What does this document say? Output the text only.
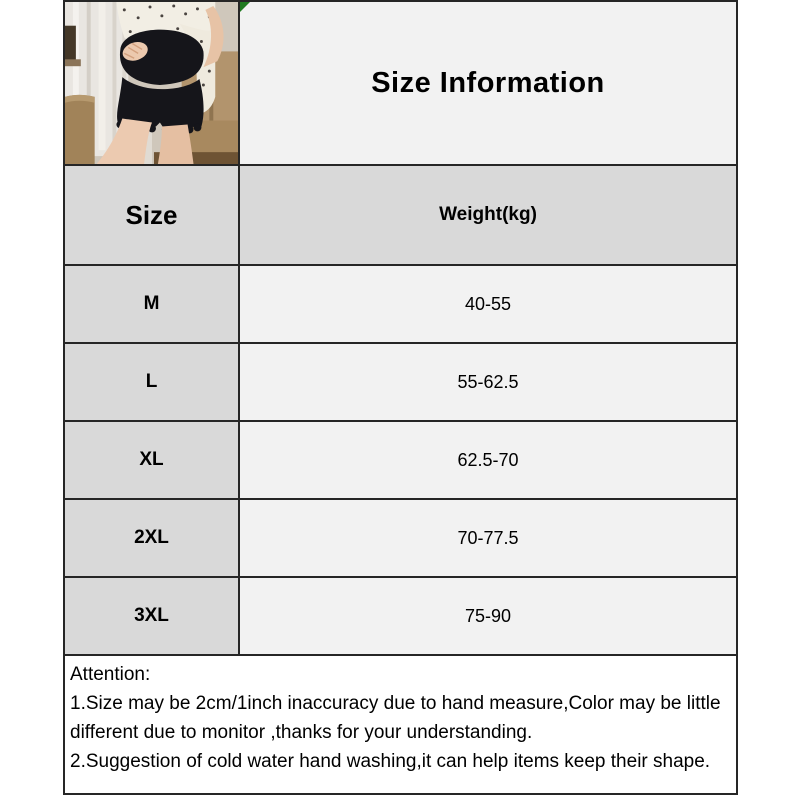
Size Information
Size	Weight(kg)
M	40-55
L	55-62.5
XL	62.5-70
2XL	70-77.5
3XL	75-90
Attention:
1.Size may be 2cm/1inch inaccuracy due to hand measure,Color may be little
different due to monitor ,thanks for your understanding.
2.Suggestion of cold water hand washing,it can help items keep their shape.
